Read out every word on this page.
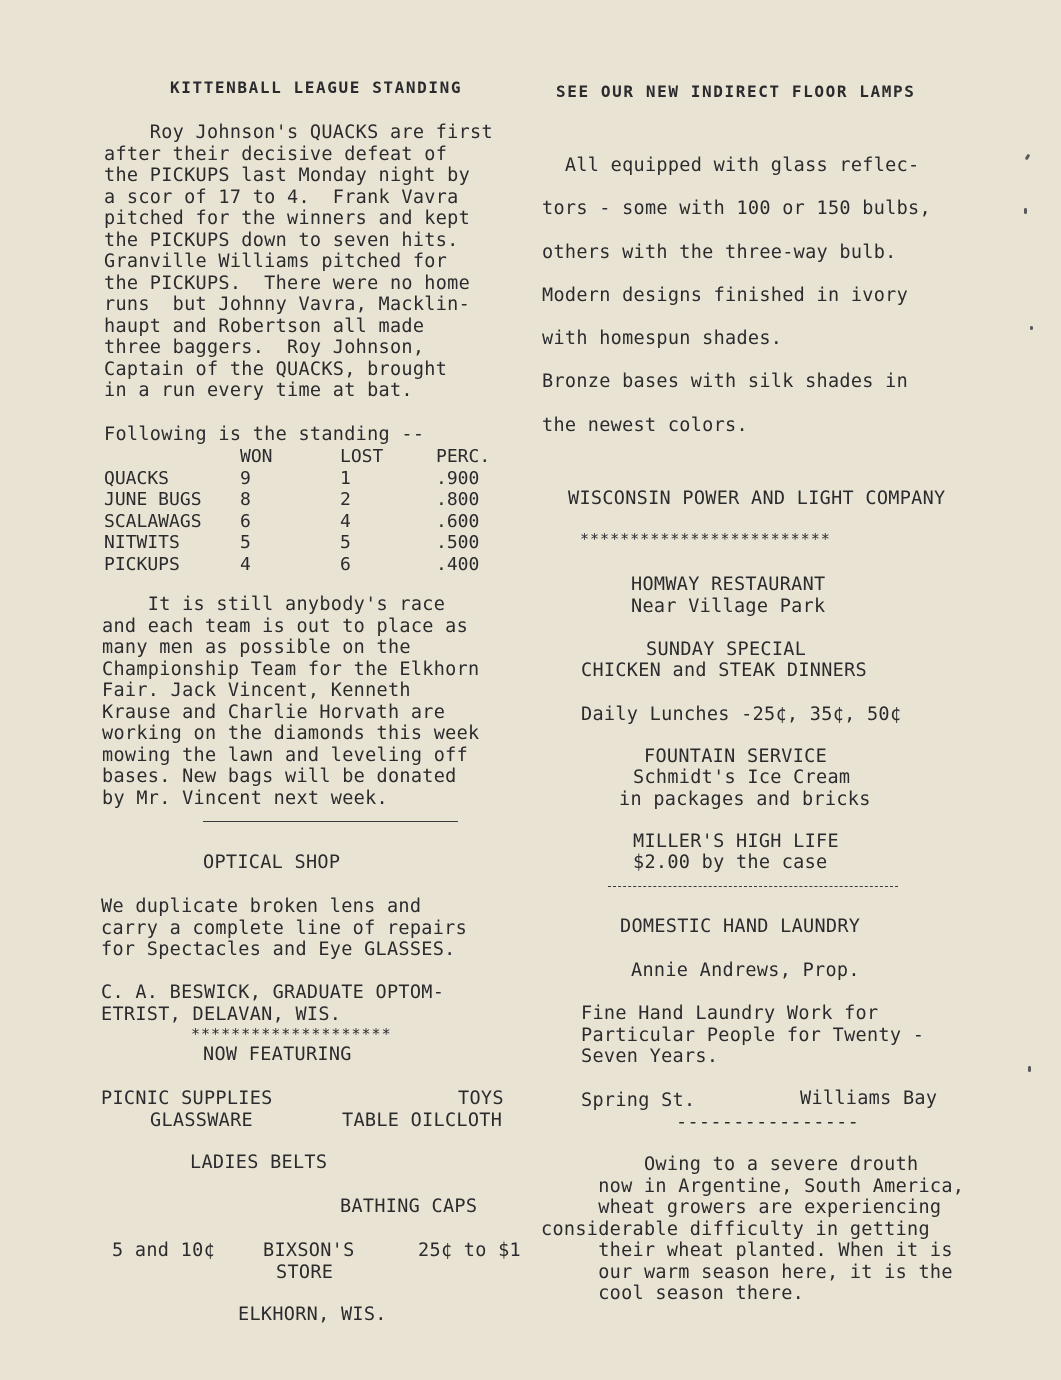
KITTENBALL LEAGUE STANDING
Roy Johnson's QUACKS are first
after their decisive defeat of
the PICKUPS last Monday night by
a scor of 17 to 4.  Frank Vavra
pitched for the winners and kept
the PICKUPS down to seven hits.
Granville Williams pitched for
the PICKUPS.  There were no home
runs  but Johnny Vavra, Macklin-
haupt and Robertson all made
three baggers.  Roy Johnson,
Captain of the QUACKS, brought
in a run every time at bat.
Following is the standing --
	WON	LOST	PERC.
QUACKS	9	1	.900
JUNE BUGS	8	2	.800
SCALAWAGS	6	4	.600
NITWITS	5	5	.500
PICKUPS	4	6	.400
It is still anybody's race
and each team is out to place as
many men as possible on the
Championship Team for the Elkhorn
Fair. Jack Vincent, Kenneth
Krause and Charlie Horvath are
working on the diamonds this week
mowing the lawn and leveling off
bases. New bags will be donated
by Mr. Vincent next week.
OPTICAL SHOP
We duplicate broken lens and
carry a complete line of repairs
for Spectacles and Eye GLASSES.
C. A. BESWICK, GRADUATE OPTOM-
ETRIST, DELAVAN, WIS.
********************
NOW FEATURING
PICNIC SUPPLIES	TOYS
GLASSWARE	TABLE OILCLOTH
LADIES BELTS
BATHING CAPS
5 and 10¢	BIXSON'S	25¢ to $1
STORE
ELKHORN, WIS.
SEE OUR NEW INDIRECT FLOOR LAMPS
All equipped with glass reflec-
tors - some with 100 or 150 bulbs,
others with the three-way bulb.
Modern designs finished in ivory
with homespun shades.
Bronze bases with silk shades in
the newest colors.
WISCONSIN POWER AND LIGHT COMPANY
*************************
HOMWAY RESTAURANT
Near Village Park
SUNDAY SPECIAL
CHICKEN and STEAK DINNERS
Daily Lunches -25¢, 35¢, 50¢
FOUNTAIN SERVICE
Schmidt's Ice Cream
in packages and bricks
MILLER'S HIGH LIFE
$2.00 by the case
DOMESTIC HAND LAUNDRY
Annie Andrews, Prop.
Fine Hand Laundry Work for
Particular People for Twenty -
Seven Years.
Spring St.	Williams Bay
----------------
Owing to a severe drouth
now in Argentine, South America,
wheat growers are experiencing
considerable difficulty in getting
their wheat planted. When it is
our warm season here, it is the
cool season there.
